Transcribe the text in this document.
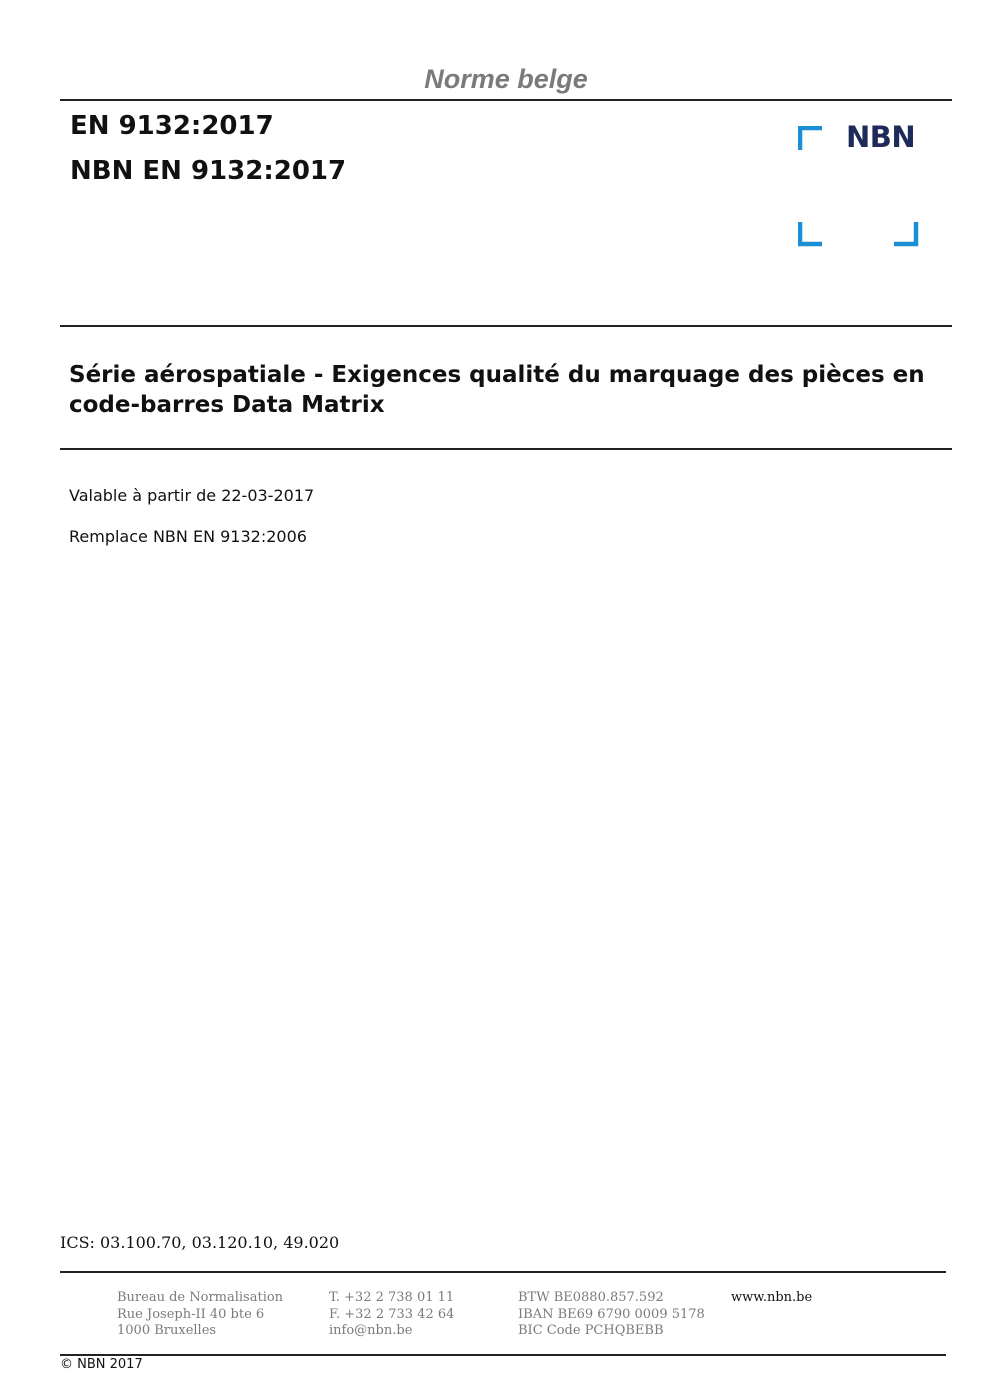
Norme belge
EN 9132:2017
NBN EN 9132:2017
NBN
Série aérospatiale - Exigences qualité du marquage des pièces en
code-barres Data Matrix
Valable à partir de 22-03-2017
Remplace NBN EN 9132:2006
ICS: 03.100.70, 03.120.10, 49.020
Bureau de Normalisation
Rue Joseph-II 40 bte 6
1000 Bruxelles
T. +32 2 738 01 11
F. +32 2 733 42 64
info@nbn.be
BTW BE0880.857.592
IBAN BE69 6790 0009 5178
BIC Code PCHQBEBB
www.nbn.be
© NBN 2017
